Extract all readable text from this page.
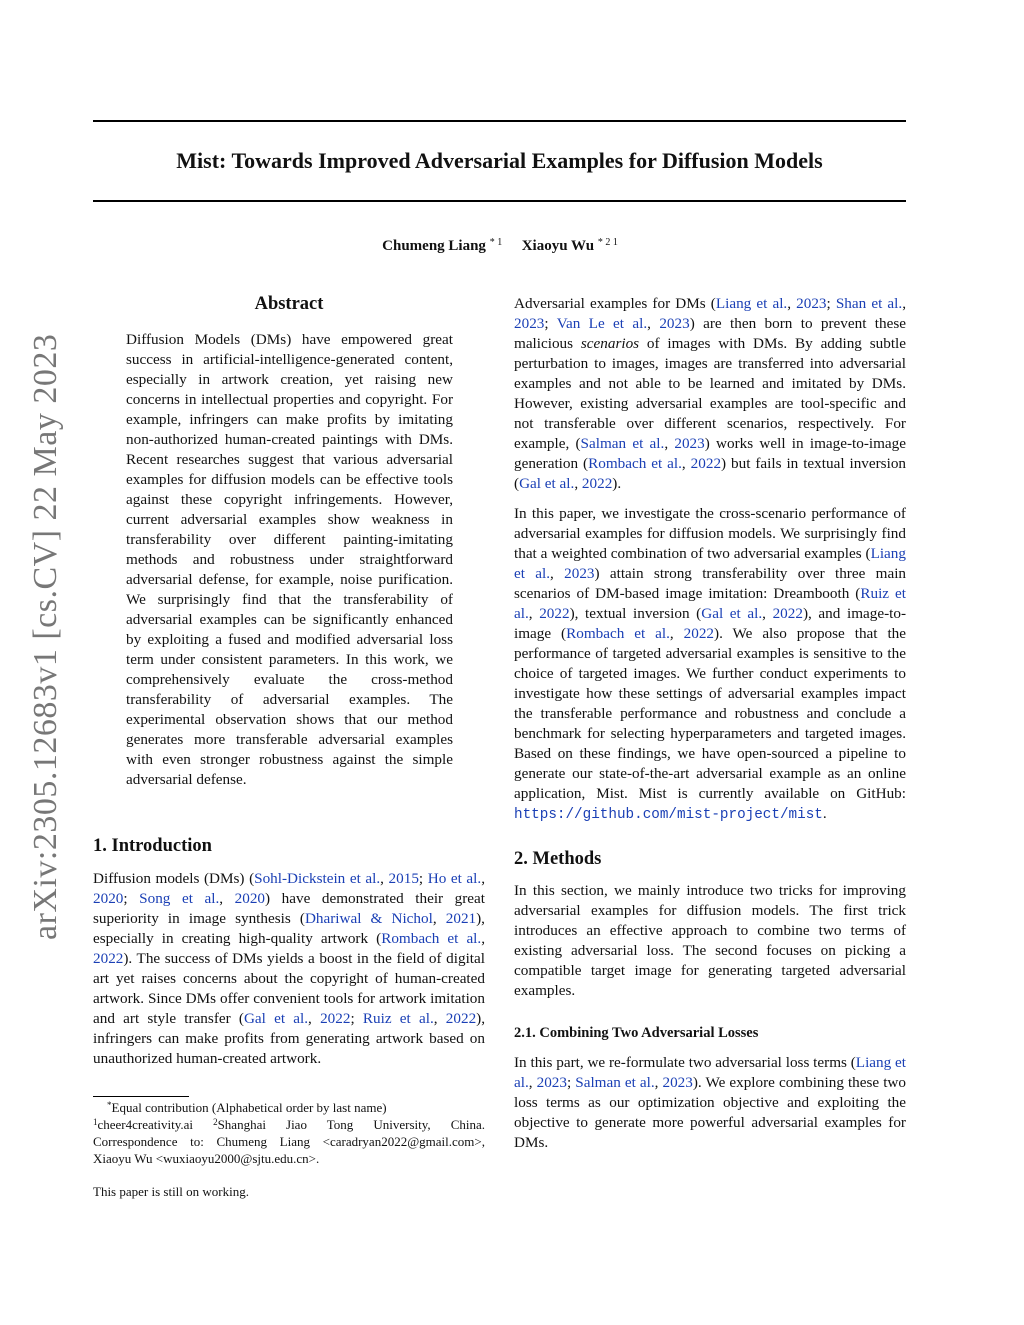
Mist: Towards Improved Adversarial Examples for Diffusion Models
Chumeng Liang $^{* 1}$ Xiaoyu Wu $^{* 2 1}$
arXiv:2305.12683v1 [cs.CV] 22 May 2023
Abstract
Diffusion Models (DMs) have empowered great success in artificial-intelligence-generated content, especially in artwork creation, yet raising new concerns in intellectual properties and copyright. For example, infringers can make profits by imitating non-authorized human-created paintings with DMs. Recent researches suggest that various adversarial examples for diffusion models can be effective tools against these copyright infringements. However, current adversarial examples show weakness in transferability over different painting-imitating methods and robustness under straightforward adversarial defense, for example, noise purification. We surprisingly find that the transferability of adversarial examples can be significantly enhanced by exploiting a fused and modified adversarial loss term under consistent parameters. In this work, we comprehensively evaluate the cross-method transferability of adversarial examples. The experimental observation shows that our method generates more transferable adversarial examples with even stronger robustness against the simple adversarial defense.
1. Introduction
Diffusion models (DMs) (Sohl-Dickstein et al., 2015; Ho et al., 2020; Song et al., 2020) have demonstrated their great superiority in image synthesis (Dhariwal & Nichol, 2021), especially in creating high-quality artwork (Rombach et al., 2022). The success of DMs yields a boost in the field of digital art yet raises concerns about the copyright of human-created artwork. Since DMs offer convenient tools for artwork imitation and art style transfer (Gal et al., 2022; Ruiz et al., 2022), infringers can make profits from generating artwork based on unauthorized human-created artwork.
*Equal contribution (Alphabetical order by last name)
$^1$cheer4creativity.ai $^2$Shanghai Jiao Tong University, China. Correspondence to: Chumeng Liang <caradryan2022@gmail.com>, Xiaoyu Wu <wuxiaoyu2000@sjtu.edu.cn>.
This paper is still on working.
Adversarial examples for DMs (Liang et al., 2023; Shan et al., 2023; Van Le et al., 2023) are then born to prevent these malicious scenarios of images with DMs. By adding subtle perturbation to images, images are transferred into adversarial examples and not able to be learned and imitated by DMs. However, existing adversarial examples are tool-specific and not transferable over different scenarios, respectively. For example, (Salman et al., 2023) works well in image-to-image generation (Rombach et al., 2022) but fails in textual inversion (Gal et al., 2022).
In this paper, we investigate the cross-scenario performance of adversarial examples for diffusion models. We surprisingly find that a weighted combination of two adversarial examples (Liang et al., 2023) attain strong transferability over three main scenarios of DM-based image imitation: Dreambooth (Ruiz et al., 2022), textual inversion (Gal et al., 2022), and image-to-image (Rombach et al., 2022). We also propose that the performance of targeted adversarial examples is sensitive to the choice of targeted images. We further conduct experiments to investigate how these settings of adversarial examples impact the transferable performance and robustness and conclude a benchmark for selecting hyperparameters and targeted images. Based on these findings, we have open-sourced a pipeline to generate our state-of-the-art adversarial example as an online application, Mist. Mist is currently available on GitHub: https://github.com/mist-project/mist.
2. Methods
In this section, we mainly introduce two tricks for improving adversarial examples for diffusion models. The first trick introduces an effective approach to combine two terms of existing adversarial loss. The second focuses on picking a compatible target image for generating targeted adversarial examples.
2.1. Combining Two Adversarial Losses
In this part, we re-formulate two adversarial loss terms (Liang et al., 2023; Salman et al., 2023). We explore combining these two loss terms as our optimization objective and exploiting the objective to generate more powerful adversarial examples for DMs.
